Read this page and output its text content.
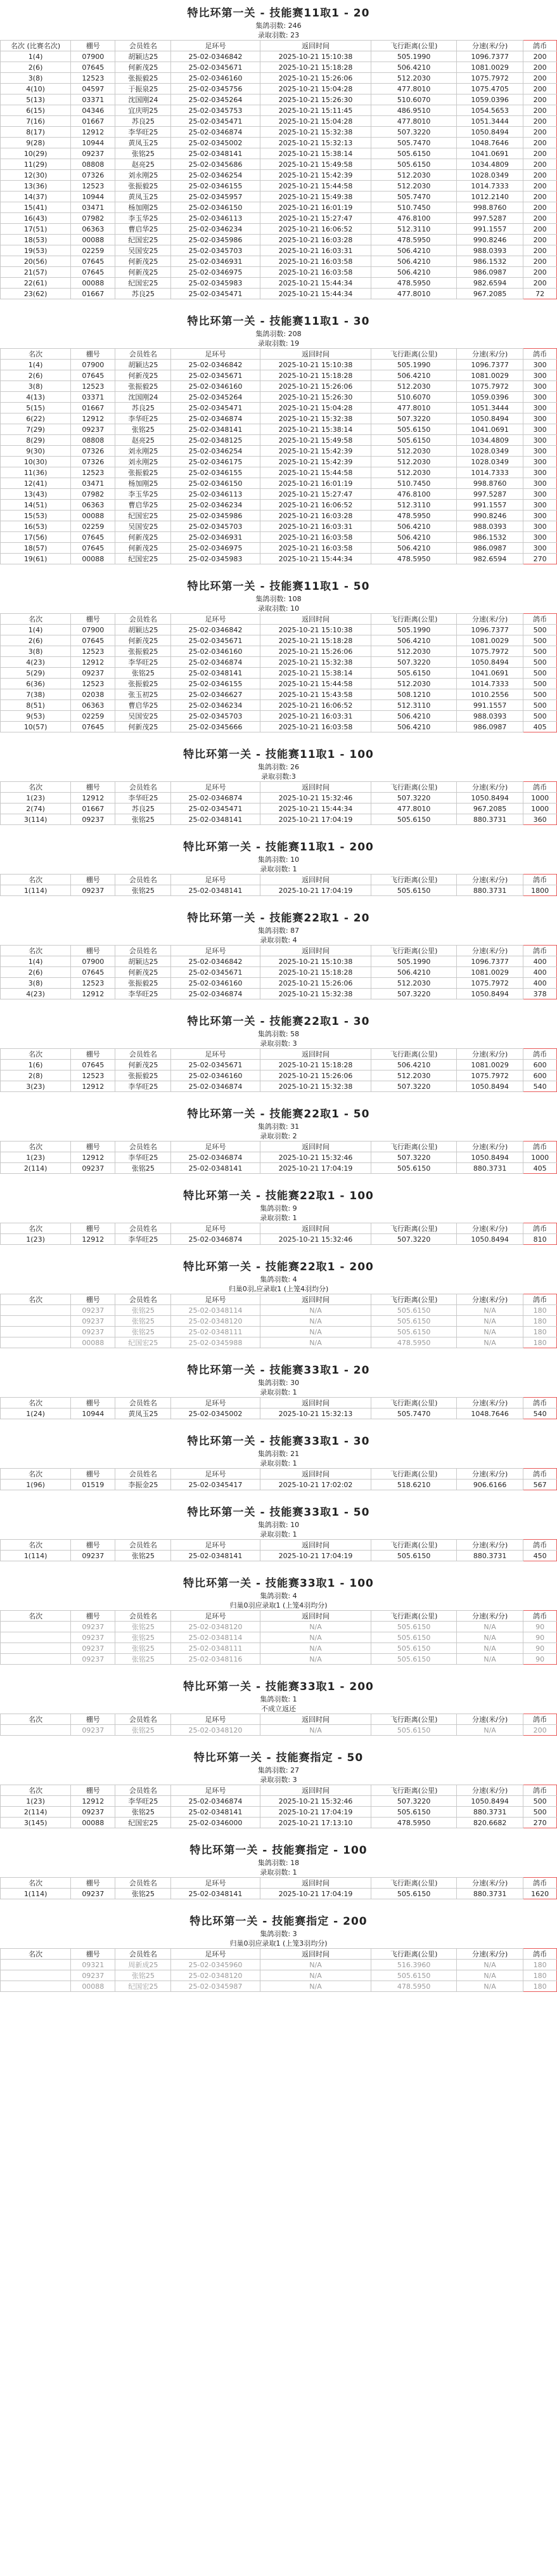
特比环第一关 - 技能赛11取1 - 20
集鸽羽数: 246
录取羽数: 23
名次 (比赛名次)	棚号	会员姓名	足环号	返回时间	飞行距离(公里)	分速(米/分)	鸽币
1(4)	07900	胡颖达25	25-02-0346842	2025-10-21 15:10:38	505.1990	1096.7377	200
2(6)	07645	何新茂25	25-02-0345671	2025-10-21 15:18:28	506.4210	1081.0029	200
3(8)	12523	张振毅25	25-02-0346160	2025-10-21 15:26:06	512.2030	1075.7972	200
4(10)	04597	于振泉25	25-02-0345756	2025-10-21 15:04:28	477.8010	1075.4705	200
5(13)	03371	沈国刚24	25-02-0345264	2025-10-21 15:26:30	510.6070	1059.0396	200
6(15)	04346	宜庆明25	25-02-0345753	2025-10-21 15:11:45	486.9510	1054.5653	200
7(16)	01667	苏良25	25-02-0345471	2025-10-21 15:04:28	477.8010	1051.3444	200
8(17)	12912	李华旺25	25-02-0346874	2025-10-21 15:32:38	507.3220	1050.8494	200
9(28)	10944	黄凤玉25	25-02-0345002	2025-10-21 15:32:13	505.7470	1048.7646	200
10(29)	09237	张铭25	25-02-0348141	2025-10-21 15:38:14	505.6150	1041.0691	200
11(29)	08808	赵亮25	25-02-0345686	2025-10-21 15:49:58	505.6150	1034.4809	200
12(30)	07326	刘永刚25	25-02-0346254	2025-10-21 15:42:39	512.2030	1028.0349	200
13(36)	12523	张振毅25	25-02-0346155	2025-10-21 15:44:58	512.2030	1014.7333	200
14(37)	10944	黄凤玉25	25-02-0345957	2025-10-21 15:49:38	505.7470	1012.2140	200
15(41)	03471	杨加刚25	25-02-0346150	2025-10-21 16:01:19	510.7450	998.8760	200
16(43)	07982	李玉华25	25-02-0346113	2025-10-21 15:27:47	476.8100	997.5287	200
17(51)	06363	曹启华25	25-02-0346234	2025-10-21 16:06:52	512.3110	991.1557	200
18(53)	00088	纪国宏25	25-02-0345986	2025-10-21 16:03:28	478.5950	990.8246	200
19(53)	02259	吴国安25	25-02-0345703	2025-10-21 16:03:31	506.4210	988.0393	200
20(56)	07645	何新茂25	25-02-0346931	2025-10-21 16:03:58	506.4210	986.1532	200
21(57)	07645	何新茂25	25-02-0346975	2025-10-21 16:03:58	506.4210	986.0987	200
22(61)	00088	纪国宏25	25-02-0345983	2025-10-21 15:44:34	478.5950	982.6594	200
23(62)	01667	苏良25	25-02-0345471	2025-10-21 15:44:34	477.8010	967.2085	72
特比环第一关 - 技能赛11取1 - 30
集鸽羽数: 208
录取羽数: 19
名次	棚号	会员姓名	足环号	返回时间	飞行距离(公里)	分速(米/分)	鸽币
1(4)	07900	胡颖达25	25-02-0346842	2025-10-21 15:10:38	505.1990	1096.7377	300
2(6)	07645	何新茂25	25-02-0345671	2025-10-21 15:18:28	506.4210	1081.0029	300
3(8)	12523	张振毅25	25-02-0346160	2025-10-21 15:26:06	512.2030	1075.7972	300
4(13)	03371	沈国刚24	25-02-0345264	2025-10-21 15:26:30	510.6070	1059.0396	300
5(15)	01667	苏良25	25-02-0345471	2025-10-21 15:04:28	477.8010	1051.3444	300
6(22)	12912	李华旺25	25-02-0346874	2025-10-21 15:32:38	507.3220	1050.8494	300
7(29)	09237	张铭25	25-02-0348141	2025-10-21 15:38:14	505.6150	1041.0691	300
8(29)	08808	赵亮25	25-02-0348125	2025-10-21 15:49:58	505.6150	1034.4809	300
9(30)	07326	刘永刚25	25-02-0346254	2025-10-21 15:42:39	512.2030	1028.0349	300
10(30)	07326	刘永刚25	25-02-0346175	2025-10-21 15:42:39	512.2030	1028.0349	300
11(36)	12523	张振毅25	25-02-0346155	2025-10-21 15:44:58	512.2030	1014.7333	300
12(41)	03471	杨加刚25	25-02-0346150	2025-10-21 16:01:19	510.7450	998.8760	300
13(43)	07982	李玉华25	25-02-0346113	2025-10-21 15:27:47	476.8100	997.5287	300
14(51)	06363	曹启华25	25-02-0346234	2025-10-21 16:06:52	512.3110	991.1557	300
15(53)	00088	纪国宏25	25-02-0345986	2025-10-21 16:03:28	478.5950	990.8246	300
16(53)	02259	吴国安25	25-02-0345703	2025-10-21 16:03:31	506.4210	988.0393	300
17(56)	07645	何新茂25	25-02-0346931	2025-10-21 16:03:58	506.4210	986.1532	300
18(57)	07645	何新茂25	25-02-0346975	2025-10-21 16:03:58	506.4210	986.0987	300
19(61)	00088	纪国宏25	25-02-0345983	2025-10-21 15:44:34	478.5950	982.6594	270
特比环第一关 - 技能赛11取1 - 50
集鸽羽数: 108
录取羽数: 10
名次	棚号	会员姓名	足环号	返回时间	飞行距离(公里)	分速(米/分)	鸽币
1(4)	07900	胡颖达25	25-02-0346842	2025-10-21 15:10:38	505.1990	1096.7377	500
2(6)	07645	何新茂25	25-02-0345671	2025-10-21 15:18:28	506.4210	1081.0029	500
3(8)	12523	张振毅25	25-02-0346160	2025-10-21 15:26:06	512.2030	1075.7972	500
4(23)	12912	李华旺25	25-02-0346874	2025-10-21 15:32:38	507.3220	1050.8494	500
5(29)	09237	张铭25	25-02-0348141	2025-10-21 15:38:14	505.6150	1041.0691	500
6(36)	12523	张振毅25	25-02-0346155	2025-10-21 15:44:58	512.2030	1014.7333	500
7(38)	02038	张玉初25	25-02-0346627	2025-10-21 15:43:58	508.1210	1010.2556	500
8(51)	06363	曹启华25	25-02-0346234	2025-10-21 16:06:52	512.3110	991.1557	500
9(53)	02259	吴国安25	25-02-0345703	2025-10-21 16:03:31	506.4210	988.0393	500
10(57)	07645	何新茂25	25-02-0345666	2025-10-21 16:03:58	506.4210	986.0987	405
特比环第一关 - 技能赛11取1 - 100
集鸽羽数: 26
录取羽数:3
名次	棚号	会员姓名	足环号	返回时间	飞行距离(公里)	分速(米/分)	鸽币
1(23)	12912	李华旺25	25-02-0346874	2025-10-21 15:32:46	507.3220	1050.8494	1000
2(74)	01667	苏良25	25-02-0345471	2025-10-21 15:44:34	477.8010	967.2085	1000
3(114)	09237	张铭25	25-02-0348141	2025-10-21 17:04:19	505.6150	880.3731	360
特比环第一关 - 技能赛11取1 - 200
集鸽羽数: 10
录取羽数: 1
名次	棚号	会员姓名	足环号	返回时间	飞行距离(公里)	分速(米/分)	鸽币
1(114)	09237	张铭25	25-02-0348141	2025-10-21 17:04:19	505.6150	880.3731	1800
特比环第一关 - 技能赛22取1 - 20
集鸽羽数: 87
录取羽数: 4
名次	棚号	会员姓名	足环号	返回时间	飞行距离(公里)	分速(米/分)	鸽币
1(4)	07900	胡颖达25	25-02-0346842	2025-10-21 15:10:38	505.1990	1096.7377	400
2(6)	07645	何新茂25	25-02-0345671	2025-10-21 15:18:28	506.4210	1081.0029	400
3(8)	12523	张振毅25	25-02-0346160	2025-10-21 15:26:06	512.2030	1075.7972	400
4(23)	12912	李华旺25	25-02-0346874	2025-10-21 15:32:38	507.3220	1050.8494	378
特比环第一关 - 技能赛22取1 - 30
集鸽羽数: 58
录取羽数: 3
名次	棚号	会员姓名	足环号	返回时间	飞行距离(公里)	分速(米/分)	鸽币
1(6)	07645	何新茂25	25-02-0345671	2025-10-21 15:18:28	506.4210	1081.0029	600
2(8)	12523	张振毅25	25-02-0346160	2025-10-21 15:26:06	512.2030	1075.7972	600
3(23)	12912	李华旺25	25-02-0346874	2025-10-21 15:32:38	507.3220	1050.8494	540
特比环第一关 - 技能赛22取1 - 50
集鸽羽数: 31
录取羽数: 2
名次	棚号	会员姓名	足环号	返回时间	飞行距离(公里)	分速(米/分)	鸽币
1(23)	12912	李华旺25	25-02-0346874	2025-10-21 15:32:46	507.3220	1050.8494	1000
2(114)	09237	张铭25	25-02-0348141	2025-10-21 17:04:19	505.6150	880.3731	405
特比环第一关 - 技能赛22取1 - 100
集鸽羽数: 9
录取羽数: 1
名次	棚号	会员姓名	足环号	返回时间	飞行距离(公里)	分速(米/分)	鸽币
1(23)	12912	李华旺25	25-02-0346874	2025-10-21 15:32:46	507.3220	1050.8494	810
特比环第一关 - 技能赛22取1 - 200
集鸽羽数: 4
归巢0羽,应录取1 (上笼4羽均分)
名次	棚号	会员姓名	足环号	返回时间	飞行距离(公里)	分速(米/分)	鸽币
	09237	张铭25	25-02-0348114	N/A	505.6150	N/A	180
	09237	张铭25	25-02-0348120	N/A	505.6150	N/A	180
	09237	张铭25	25-02-0348111	N/A	505.6150	N/A	180
	00088	纪国宏25	25-02-0345988	N/A	478.5950	N/A	180
特比环第一关 - 技能赛33取1 - 20
集鸽羽数: 30
录取羽数: 1
名次	棚号	会员姓名	足环号	返回时间	飞行距离(公里)	分速(米/分)	鸽币
1(24)	10944	黄凤玉25	25-02-0345002	2025-10-21 15:32:13	505.7470	1048.7646	540
特比环第一关 - 技能赛33取1 - 30
集鸽羽数: 21
录取羽数: 1
名次	棚号	会员姓名	足环号	返回时间	飞行距离(公里)	分速(米/分)	鸽币
1(96)	01519	李振金25	25-02-0345417	2025-10-21 17:02:02	518.6210	906.6166	567
特比环第一关 - 技能赛33取1 - 50
集鸽羽数: 10
录取羽数: 1
名次	棚号	会员姓名	足环号	返回时间	飞行距离(公里)	分速(米/分)	鸽币
1(114)	09237	张铭25	25-02-0348141	2025-10-21 17:04:19	505.6150	880.3731	450
特比环第一关 - 技能赛33取1 - 100
集鸽羽数: 4
归巢0羽应录取1 (上笼4羽均分)
名次	棚号	会员姓名	足环号	返回时间	飞行距离(公里)	分速(米/分)	鸽币
	09237	张铭25	25-02-0348120	N/A	505.6150	N/A	90
	09237	张铭25	25-02-0348114	N/A	505.6150	N/A	90
	09237	张铭25	25-02-0348111	N/A	505.6150	N/A	90
	09237	张铭25	25-02-0348116	N/A	505.6150	N/A	90
特比环第一关 - 技能赛33取1 - 200
集鸽羽数: 1
不成立返还
名次	棚号	会员姓名	足环号	返回时间	飞行距离(公里)	分速(米/分)	鸽币
	09237	张铭25	25-02-0348120	N/A	505.6150	N/A	200
特比环第一关 - 技能赛指定 - 50
集鸽羽数: 27
录取羽数: 3
名次	棚号	会员姓名	足环号	返回时间	飞行距离(公里)	分速(米/分)	鸽币
1(23)	12912	李华旺25	25-02-0346874	2025-10-21 15:32:46	507.3220	1050.8494	500
2(114)	09237	张铭25	25-02-0348141	2025-10-21 17:04:19	505.6150	880.3731	500
3(145)	00088	纪国宏25	25-02-0346000	2025-10-21 17:13:10	478.5950	820.6682	270
特比环第一关 - 技能赛指定 - 100
集鸽羽数: 18
录取羽数: 1
名次	棚号	会员姓名	足环号	返回时间	飞行距离(公里)	分速(米/分)	鸽币
1(114)	09237	张铭25	25-02-0348141	2025-10-21 17:04:19	505.6150	880.3731	1620
特比环第一关 - 技能赛指定 - 200
集鸽羽数: 3
归巢0羽应录取1 (上笼3羽均分)
名次	棚号	会员姓名	足环号	返回时间	飞行距离(公里)	分速(米/分)	鸽币
	09321	周新成25	25-02-0345960	N/A	516.3960	N/A	180
	09237	张铭25	25-02-0348120	N/A	505.6150	N/A	180
	00088	纪国宏25	25-02-0345987	N/A	478.5950	N/A	180
